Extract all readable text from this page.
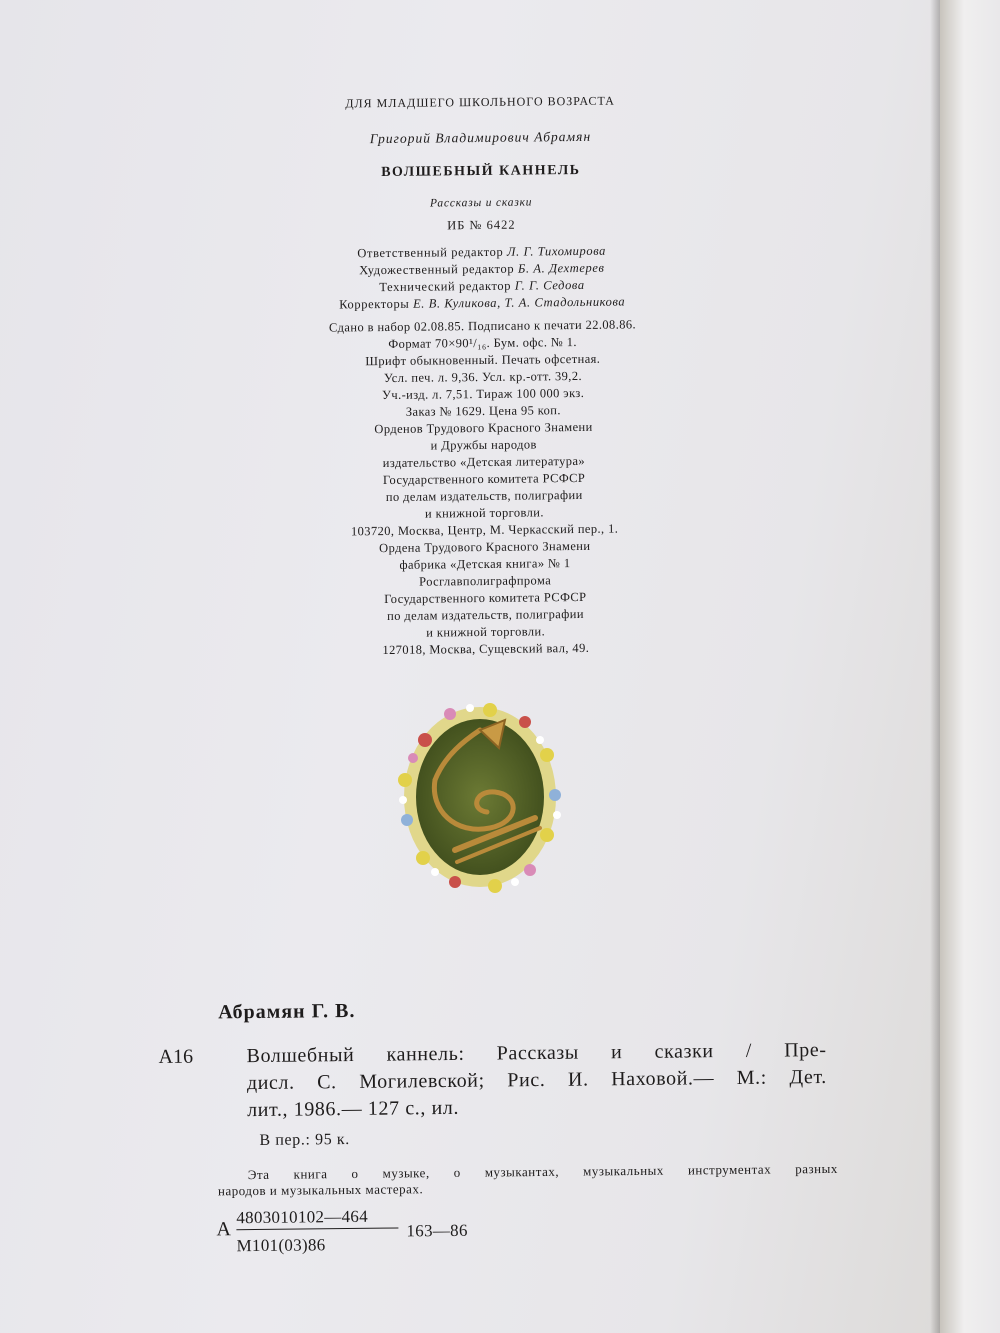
ДЛЯ МЛАДШЕГО ШКОЛЬНОГО ВОЗРАСТА
Григорий Владимирович Абрамян
ВОЛШЕБНЫЙ КАННЕЛЬ
Рассказы и сказки
ИБ № 6422
Ответственный редактор Л. Г. Тихомирова
Художественный редактор Б. А. Дехтерев
Технический редактор Г. Г. Седова
Корректоры Е. В. Куликова, Т. А. Стадольникова
Сдано в набор 02.08.85. Подписано к печати 22.08.86.
Формат 70×90¹/₁₆. Бум. офс. № 1.
Шрифт обыкновенный. Печать офсетная.
Усл. печ. л. 9,36. Усл. кр.-отт. 39,2.
Уч.-изд. л. 7,51. Тираж 100 000 экз.
Заказ № 1629. Цена 95 коп.
Орденов Трудового Красного Знамени
и Дружбы народов
издательство «Детская литература»
Государственного комитета РСФСР
по делам издательств, полиграфии
и книжной торговли.
103720, Москва, Центр, М. Черкасский пер., 1.
Ордена Трудового Красного Знамени
фабрика «Детская книга» № 1
Росглавполиграфпрома
Государственного комитета РСФСР
по делам издательств, полиграфии
и книжной торговли.
127018, Москва, Сущевский вал, 49.
Абрамян Г. В.
А16	Волшебный каннель: Рассказы и сказки / Пре-
дисл. С. Могилевской; Рис. И. Наховой.— М.: Дет.
лит., 1986.— 127 с., ил.
В пер.: 95 к.
Эта книга о музыке, о музыкантах, музыкальных инструментах разных
народов и музыкальных мастерах.
А
4803010102—464
М101(03)86
163—86
